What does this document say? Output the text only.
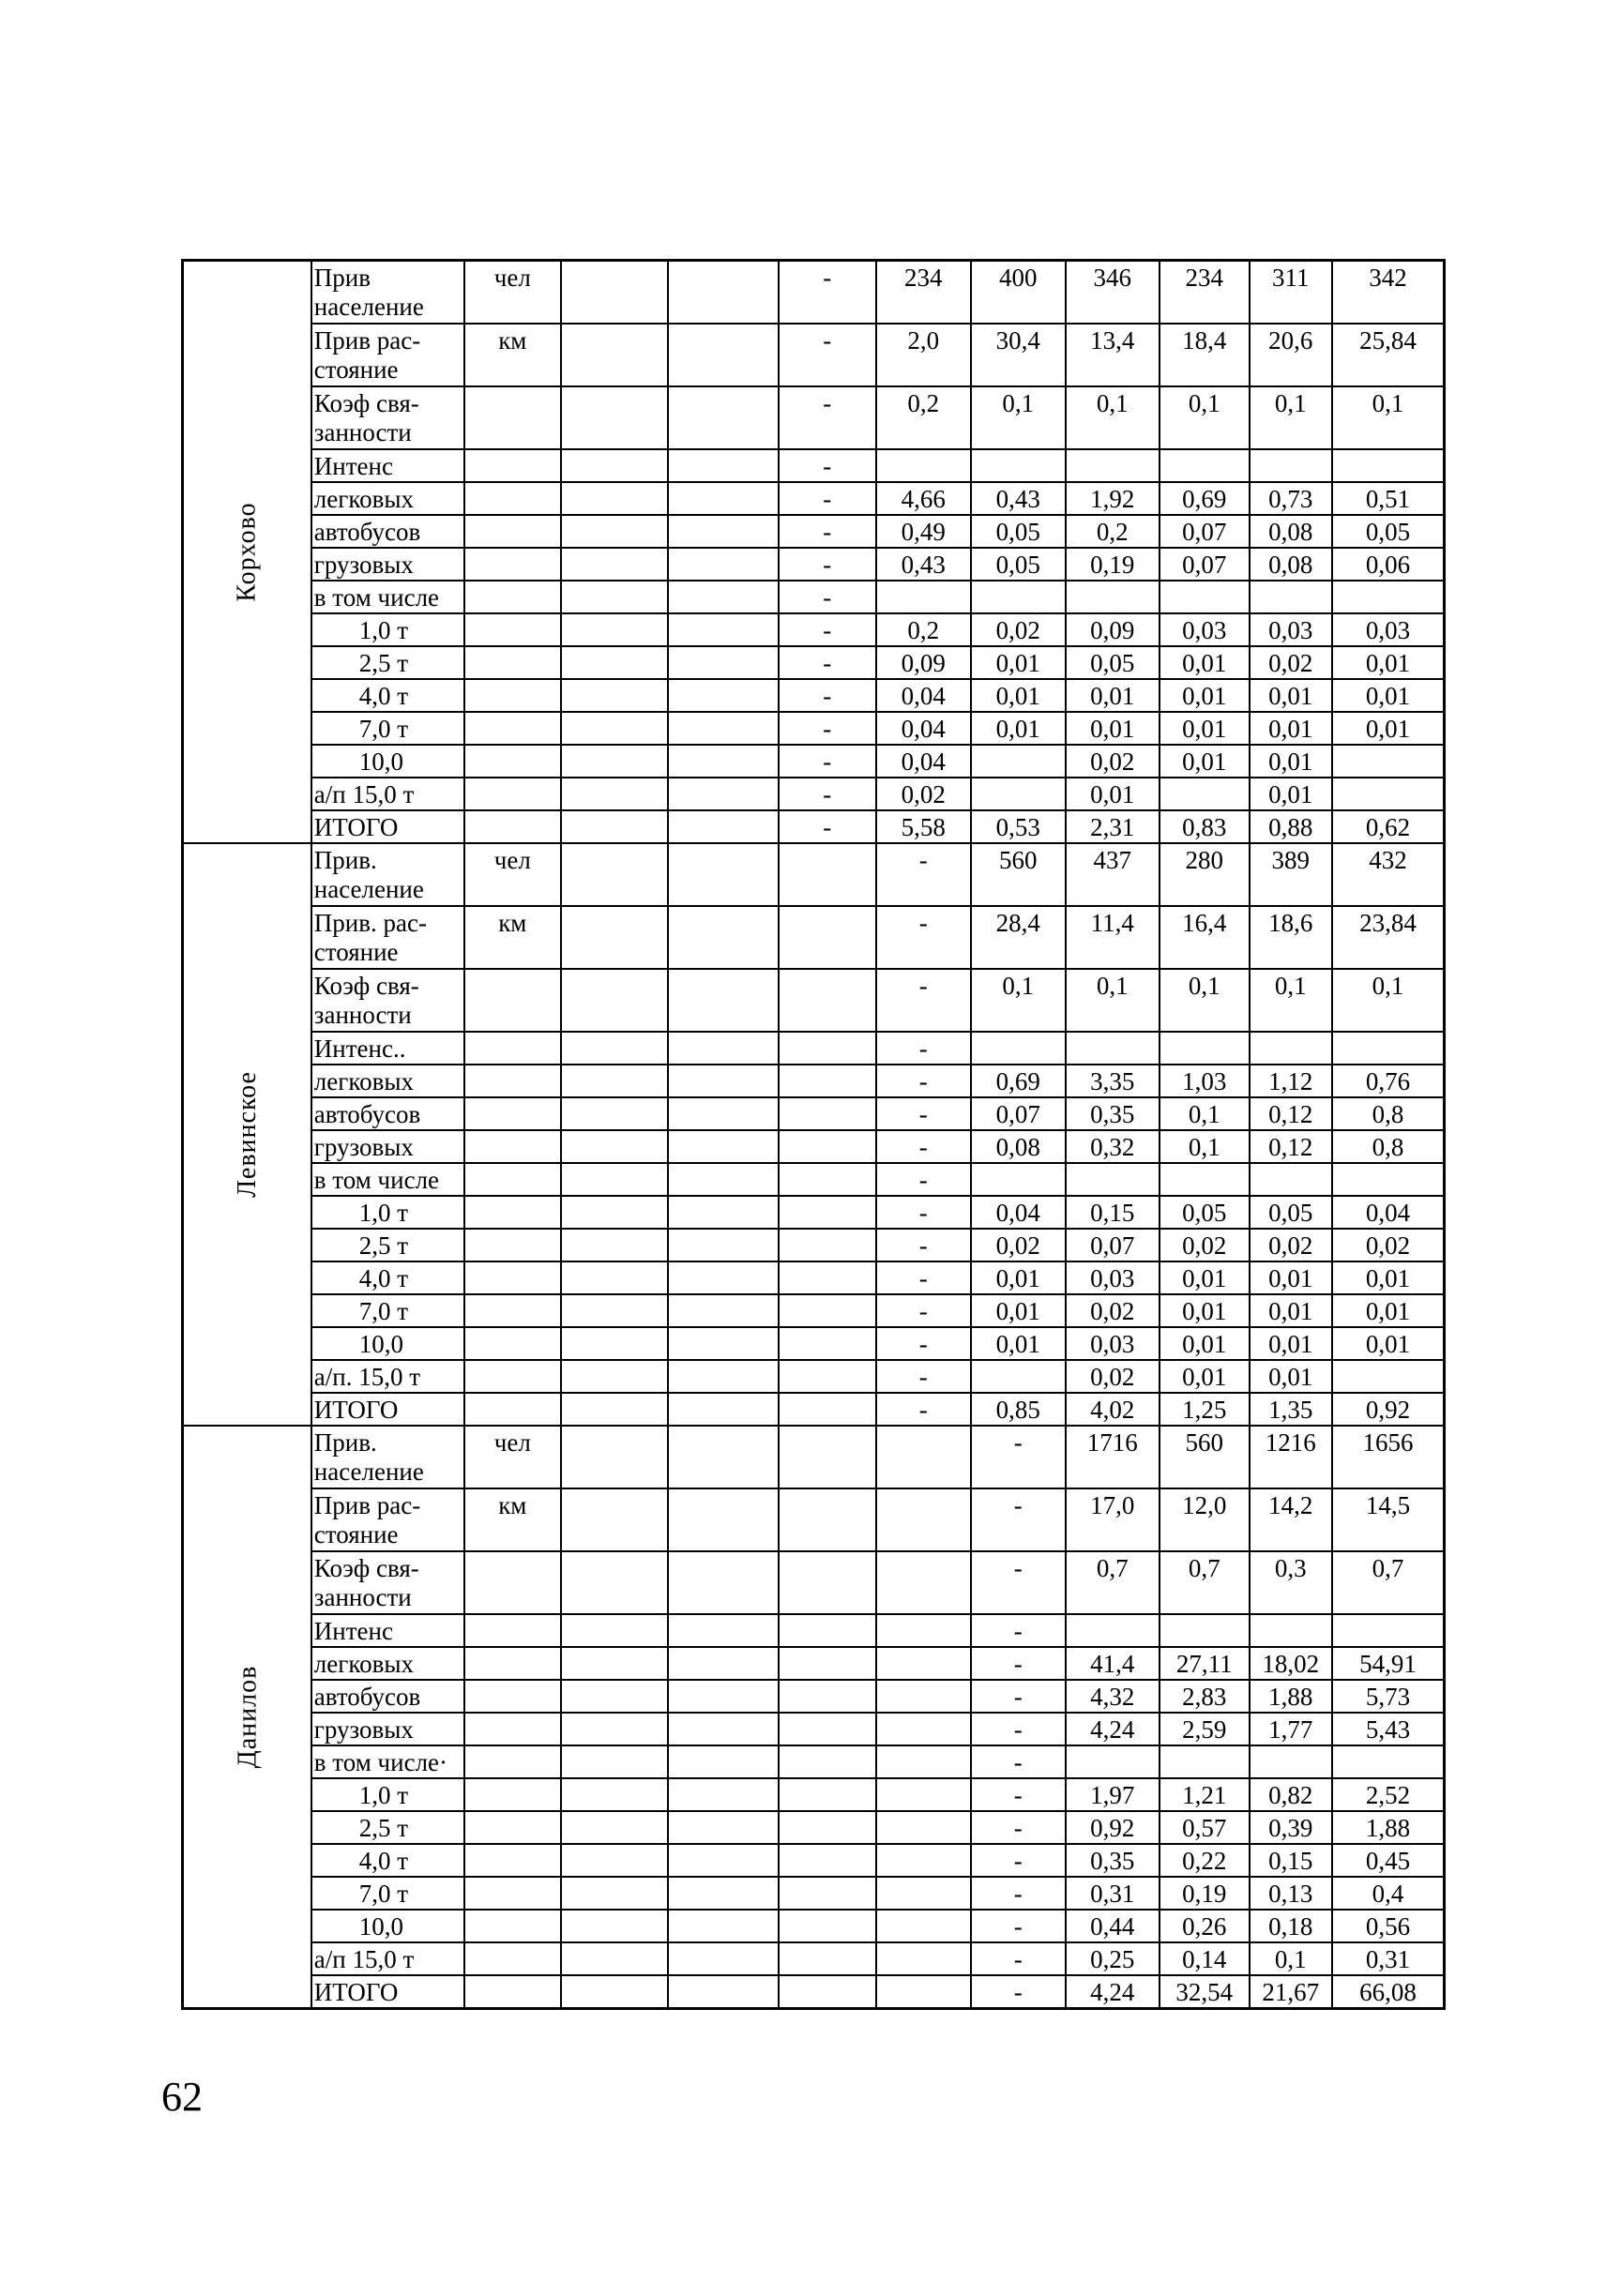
Корхово	Прив население	чел			-	234	400	346	234	311	342
	Прив рас-стояние	км			-	2,0	30,4	13,4	18,4	20,6	25,84
	Коэф свя-занности				-	0,2	0,1	0,1	0,1	0,1	0,1
	Интенс				-						
	легковых				-	4,66	0,43	1,92	0,69	0,73	0,51
	автобусов				-	0,49	0,05	0,2	0,07	0,08	0,05
	грузовых				-	0,43	0,05	0,19	0,07	0,08	0,06
	в том числе				-						
	1,0 т				-	0,2	0,02	0,09	0,03	0,03	0,03
	2,5 т				-	0,09	0,01	0,05	0,01	0,02	0,01
	4,0 т				-	0,04	0,01	0,01	0,01	0,01	0,01
	7,0 т				-	0,04	0,01	0,01	0,01	0,01	0,01
	10,0				-	0,04		0,02	0,01	0,01	
	а/п 15,0 т				-	0,02		0,01		0,01	
	ИТОГО				-	5,58	0,53	2,31	0,83	0,88	0,62
Левинское	Прив. население	чел				-	560	437	280	389	432
	Прив. рас-стояние	км				-	28,4	11,4	16,4	18,6	23,84
	Коэф свя-занности					-	0,1	0,1	0,1	0,1	0,1
	Интенс..					-					
	легковых					-	0,69	3,35	1,03	1,12	0,76
	автобусов					-	0,07	0,35	0,1	0,12	0,8
	грузовых					-	0,08	0,32	0,1	0,12	0,8
	в том числе					-					
	1,0 т					-	0,04	0,15	0,05	0,05	0,04
	2,5 т					-	0,02	0,07	0,02	0,02	0,02
	4,0 т					-	0,01	0,03	0,01	0,01	0,01
	7,0 т					-	0,01	0,02	0,01	0,01	0,01
	10,0					-	0,01	0,03	0,01	0,01	0,01
	а/п. 15,0 т					-		0,02	0,01	0,01	
	ИТОГО					-	0,85	4,02	1,25	1,35	0,92
Данилов	Прив. население	чел					-	1716	560	1216	1656
	Прив рас-стояние	км					-	17,0	12,0	14,2	14,5
	Коэф свя-занности						-	0,7	0,7	0,3	0,7
	Интенс						-				
	легковых						-	41,4	27,11	18,02	54,91
	автобусов						-	4,32	2,83	1,88	5,73
	грузовых						-	4,24	2,59	1,77	5,43
	в том числе·						-				
	1,0 т						-	1,97	1,21	0,82	2,52
	2,5 т						-	0,92	0,57	0,39	1,88
	4,0 т						-	0,35	0,22	0,15	0,45
	7,0 т						-	0,31	0,19	0,13	0,4
	10,0						-	0,44	0,26	0,18	0,56
	а/п 15,0 т						-	0,25	0,14	0,1	0,31
	ИТОГО						-	4,24	32,54	21,67	66,08
62
